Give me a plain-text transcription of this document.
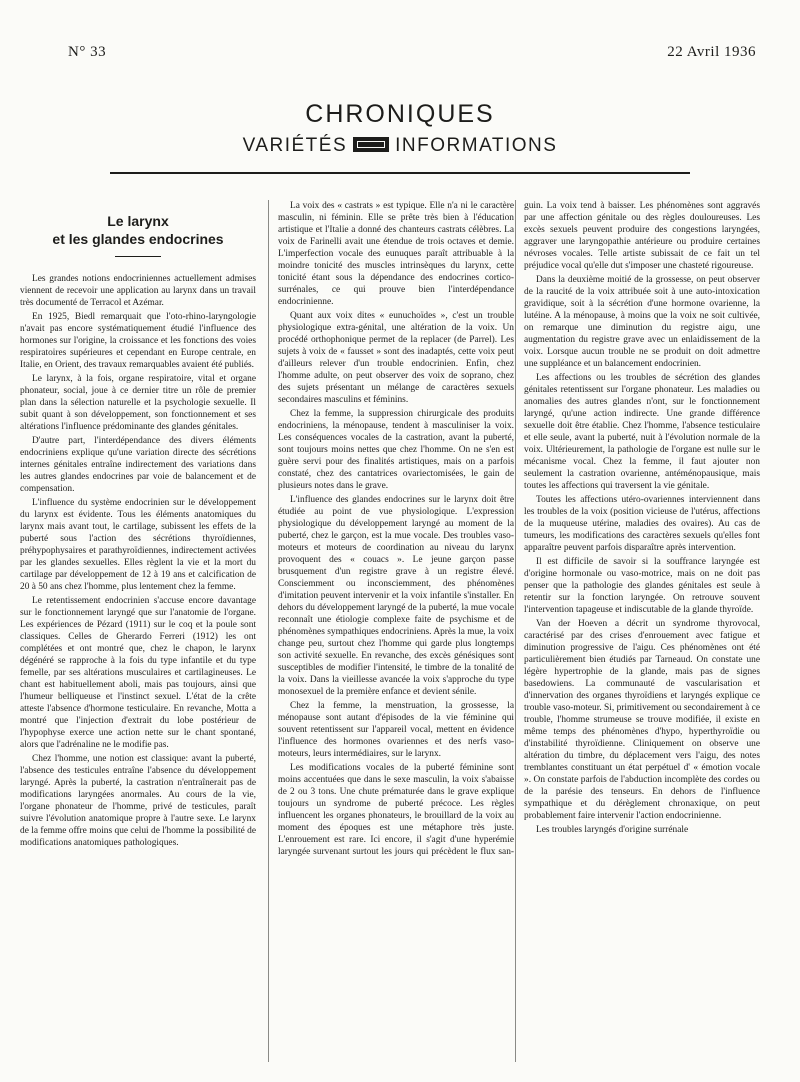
N° 33	22 Avril 1936
CHRONIQUES
VARIÉTÉS	INFORMATIONS
Le larynx
et les glandes endocrines

Les grandes notions endocriniennes actuellement admises viennent de recevoir une application au larynx dans un travail très documenté de Terracol et Azémar.

En 1925, Biedl remarquait que l'oto-rhino-laryngologie n'avait pas encore systématiquement étudié l'influence des hormones sur l'origine, la croissance et les fonctions des voies respiratoires supérieures et cependant en Europe centrale, en Italie, en Orient, des travaux remarquables avaient été publiés.

Le larynx, à la fois, organe respiratoire, vital et organe phonateur, social, joue à ce dernier titre un rôle de premier plan dans la sélection naturelle et la psychologie sexuelle. Il subit quant à son développement, son fonctionnement et ses altérations l'influence prédominante des glandes génitales.

D'autre part, l'interdépendance des divers éléments endocriniens explique qu'une variation directe des sécrétions internes génitales entraîne indirectement des variations dans les autres glandes endocrines par voie de balancement et de compensation.

L'influence du système endocrinien sur le développement du larynx est évidente. Tous les éléments anatomiques du larynx mais avant tout, le cartilage, subissent les effets de la puberté sous l'action des sécrétions thyroïdiennes, préhypophysaires et parathyroïdiennes, indirectement activées par les glandes sexuelles. Elles règlent la vie et la mort du cartilage par développement de 12 à 19 ans et calcification de 20 à 50 ans chez l'homme, plus lentement chez la femme.

Le retentissement endocrinien s'accuse encore davantage sur le fonctionnement laryngé que sur l'anatomie de l'organe. Les expériences de Pézard (1911) sur le coq et la poule sont classiques. Celles de Gherardo Ferreri (1912) les ont complétées et ont montré que, chez le chapon, le larynx dégénéré se rapproche à la fois du type infantile et du type femelle, par ses altérations musculaires et cartilagineuses. Le chant est habituellement aboli, mais pas toujours, ainsi que l'humeur belliqueuse et l'instinct sexuel. L'état de la crête atteste l'absence d'hormone testiculaire. En revanche, Motta a montré que l'injection d'extrait du lobe postérieur de l'hypophyse exerce une action nette sur le chant spontané, alors que l'adrénaline ne le modifie pas.

Chez l'homme, une notion est classique: avant la puberté, l'absence des testicules entraîne l'absence du développement laryngé. Après la puberté, la castration n'entraînerait pas de modifications laryngées anormales. Au cours de la vie, l'organe phonateur de l'homme, privé de testicules, paraît suivre l'évolution anatomique propre à l'autre sexe. Le larynx de la femme offre moins que celui de l'homme la possibilité de modifications anatomiques pathologiques.

La voix des « castrats » est typique. Elle n'a ni le caractère masculin, ni féminin. Elle se prête très bien à l'éducation artistique et l'Italie a donné des chanteurs castrats célèbres. La voix de Farinelli avait une étendue de trois octaves et demie. L'imperfection vocale des eunuques paraît attribuable à la moindre tonicité des muscles intrinsèques du larynx, cette tonicité étant sous la dépendance des endocrines cortico-surrénales, ce qui prouve bien l'interdépendance endocrinienne.

Quant aux voix dites « eunuchoïdes », c'est un trouble physiologique extra-génital, une altération de la voix. Un procédé orthophonique permet de la replacer (de Parrel). Les sujets à voix de « fausset » sont des inadaptés, cette voix peut d'ailleurs relever d'un trouble endocrinien. Enfin, chez l'homme adulte, on peut observer des voix de soprano, chez des sujets présentant un mélange de caractères sexuels secondaires masculins et féminins.

Chez la femme, la suppression chirurgicale des produits endocriniens, la ménopause, tendent à masculiniser la voix. Les conséquences vocales de la castration, avant la puberté, sont toujours moins nettes que chez l'homme. On ne s'en est guère servi pour des finalités artistiques, mais on a parfois constaté, chez des cantatrices ovariectomisées, le gain de plusieurs notes dans le grave.

L'influence des glandes endocrines sur le larynx doit être étudiée au point de vue physiologique. L'expression physiologique du développement laryngé au moment de la puberté, chez le garçon, est la mue vocale. Des troubles vaso-moteurs et moteurs de coordination au niveau du larynx provoquent des « couacs ». Le jeune garçon passe brusquement d'un registre grave à un registre élevé. Consciemment ou inconsciemment, des phénomènes d'imitation peuvent intervenir et la voix infantile s'installer. En dehors du développement laryngé de la puberté, la mue vocale reconnaît une étiologie complexe faite de psychisme et de phénomènes sympathiques endocriniens. Après la mue, la voix change peu, surtout chez l'homme qui garde plus longtemps son activité sexuelle. En revanche, des excès génésiques sont susceptibles de modifier l'intensité, le timbre de la tonalité de la voix. Dans la vieillesse avancée la voix s'approche du type monosexuel de la première enfance et devient sénile.

Chez la femme, la menstruation, la grossesse, la ménopause sont autant d'épisodes de la vie féminine qui souvent retentissent sur l'appareil vocal, mettent en évidence l'influence des hormones ovariennes et des nerfs vaso-moteurs, leurs intermédiaires, sur le larynx.

Les modifications vocales de la puberté féminine sont moins accentuées que dans le sexe masculin, la voix s'abaisse de 2 ou 3 tons. Une chute prématurée dans le grave explique toujours un syndrome de puberté précoce. Les règles influencent les organes phonateurs, le brouillard de la voix au moment des époques est une métaphore très juste. L'enrouement est rare. Ici encore, il s'agit d'une hyperémie laryngée survenant surtout les jours qui précèdent le flux san-

guin. La voix tend à baisser. Les phénomènes sont aggravés par une affection génitale ou des règles douloureuses. Les excès sexuels peuvent produire des congestions laryngées, aggraver une laryngopathie antérieure ou produire certaines névroses vocales. Telle artiste subissait de ce fait un tel préjudice vocal qu'elle dut s'imposer une chasteté rigoureuse.

Dans la deuxième moitié de la grossesse, on peut observer de la raucité de la voix attribuée soit à une auto-intoxication gravidique, soit à la sécrétion d'une hormone ovarienne, la lutéine. A la ménopause, à moins que la voix ne soit cultivée, on remarque une diminution du registre aigu, une augmentation du registre grave avec un enlaidissement de la voix. Lorsque aucun trouble ne se produit on doit admettre une suppléance et un balancement endocrinien.

Les affections ou les troubles de sécrétion des glandes génitales retentissent sur l'organe phonateur. Les maladies ou anomalies des autres glandes n'ont, sur le fonctionnement laryngé, qu'une action indirecte. Une grande différence sexuelle doit être établie. Chez l'homme, l'absence testiculaire et elle seule, avant la puberté, nuit à l'évolution normale de la voix. Ultérieurement, la pathologie de l'organe est nulle sur le mécanisme vocal. Chez la femme, il faut ajouter non seulement la castration ovarienne, antéménopausique, mais toutes les affections qui traversent la vie génitale.

Toutes les affections utéro-ovariennes interviennent dans les troubles de la voix (position vicieuse de l'utérus, affections de la muqueuse utérine, maladies des ovaires). Au cas de tumeurs, les modifications des caractères sexuels qu'elles font apparaître peuvent parfois disparaître après intervention.

Il est difficile de savoir si la souffrance laryngée est d'origine hormonale ou vaso-motrice, mais on ne doit pas penser que la pathologie des glandes génitales est seule à retentir sur la fonction laryngée. On retrouve souvent l'intervention tapageuse et indiscutable de la glande thyroïde.

Van der Hoeven a décrit un syndrome thyrovocal, caractérisé par des crises d'enrouement avec fatigue et diminution progressive de l'aigu. Ces phénomènes ont été particulièrement bien étudiés par Tarneaud. On constate une légère hypertrophie de la glande, mais pas de signes basedowiens. La communauté de vascularisation et d'innervation des organes thyroïdiens et laryngés explique ce trouble vaso-moteur. Si, primitivement ou secondairement à ce trouble, l'homme strumeuse se trouve modifiée, il existe en même temps des phénomènes d'hypo, hyperthyroïdie ou d'instabilité thyroïdienne. Cliniquement on observe une altération du timbre, du déplacement vers l'aigu, des notes tremblantes constituant un état perpétuel d' « émotion vocale ». On constate parfois de l'abduction incomplète des cordes ou de la parésie des tenseurs. En dehors de l'influence sympathique et du dérèglement chronaxique, on peut probablement faire intervenir l'action endocrinienne.

Les troubles laryngés d'origine surrénale
